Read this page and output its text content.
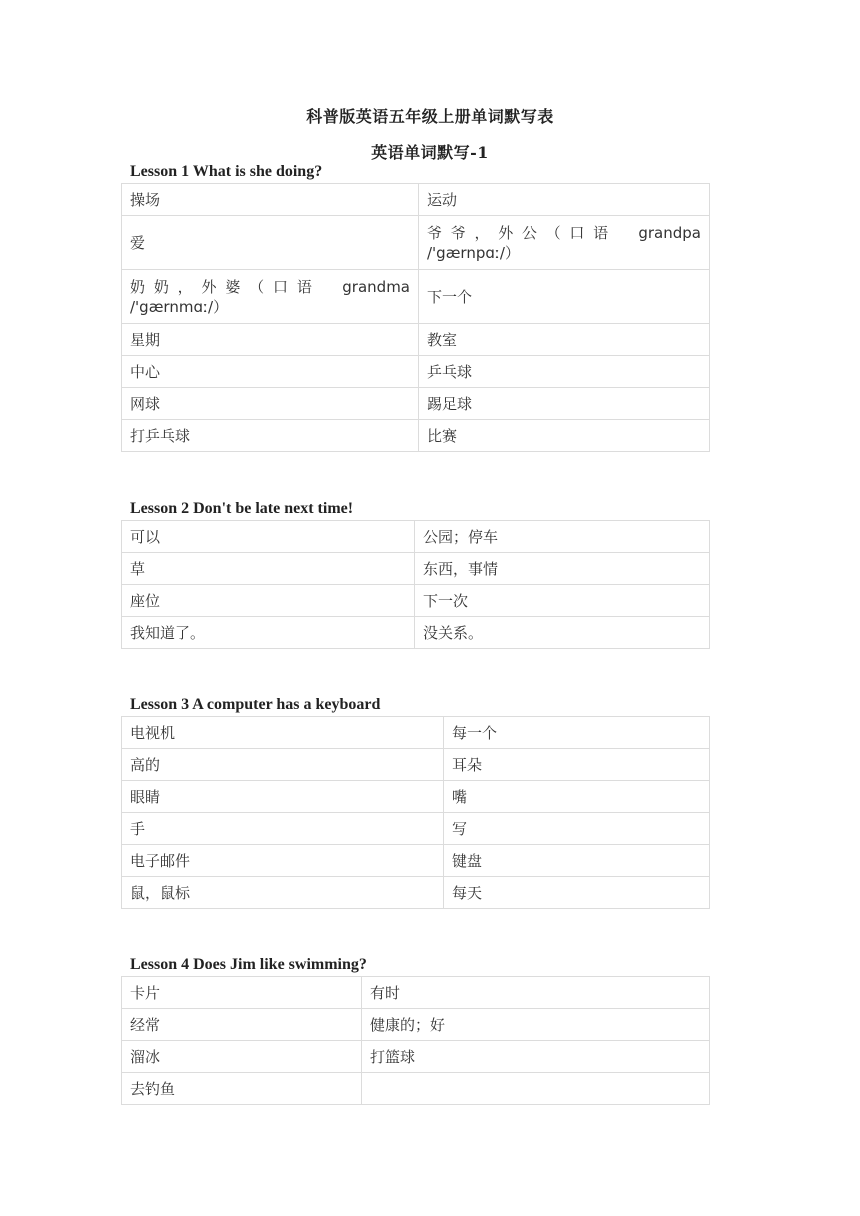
科普版英语五年级上册单词默写表
英语单词默写-1
Lesson 1 What is she doing?
操场	运动
爱	爷爷，外公（口语 grandpa /'gærnpɑː/）
奶奶，外婆（口语 grandma /'gærnmɑː/）	下一个
星期	教室
中心	乒乓球
网球	踢足球
打乒乓球	比赛
Lesson 2 Don't be late next time!
可以	公园；停车
草	东西，事情
座位	下一次
我知道了。	没关系。
Lesson 3 A computer has a keyboard
电视机	每一个
高的	耳朵
眼睛	嘴
手	写
电子邮件	键盘
鼠，鼠标	每天
Lesson 4 Does Jim like swimming?
卡片	有时
经常	健康的；好
溜冰	打篮球
去钓鱼	
